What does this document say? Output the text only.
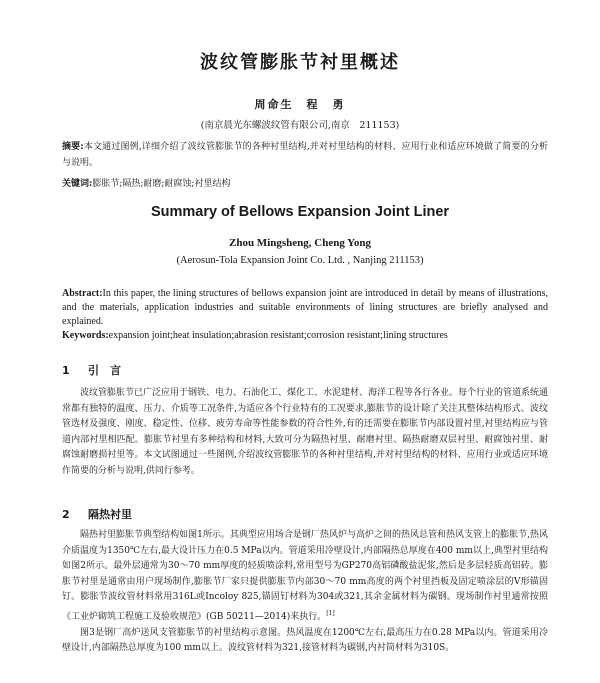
波纹管膨胀节衬里概述
周命生　程　勇
(南京晨光东螺波纹管有限公司,南京　211153)
摘要:本文通过图例,详细介绍了波纹管膨胀节的各种衬里结构,并对衬里结构的材料、应用行业和适应环境做了简要的分析与说明。
关键词:膨胀节;隔热;耐磨;耐腐蚀;衬里结构
Summary of Bellows Expansion Joint Liner
Zhou Mingsheng, Cheng Yong
(Aerosun-Tola Expansion Joint Co. Ltd. , Nanjing 211153)
Abstract:In this paper, the lining structures of bellows expansion joint are introduced in detail by means of illustrations, and the materials, application industries and suitable environments of lining structures are briefly analysed and explained.
Keywords:expansion joint;heat insulation;abrasion resistant;corrosion resistant;lining structures
1 引　言

波纹管膨胀节已广泛应用于钢铁、电力、石油化工、煤化工、水泥建材、海洋工程等各行各业。每个行业的管道系统通常都有独特的温度、压力、介质等工况条件,为适应各个行业特有的工况要求,膨胀节的设计除了关注其整体结构形式、波纹管选材及强度、刚度、稳定性、位移、疲劳寿命等性能参数的符合性外,有的还需要在膨胀节内部设置衬里,衬里结构应与管道内部衬里相匹配。膨胀节衬里有多种结构和材料,大致可分为隔热衬里、耐磨衬里、隔热耐磨双层衬里、耐腐蚀衬里、耐腐蚀耐磨损衬里等。本文试图通过一些图例,介绍波纹管膨胀节的各种衬里结构,并对衬里结构的材料、应用行业或适应环境作简要的分析与说明,供同行参考。

2 隔热衬里

隔热衬里膨胀节典型结构如图1所示。其典型应用场合是钢厂热风炉与高炉之间的热风总管和热风支管上的膨胀节,热风介质温度为1350℃左右,最大设计压力在0.5 MPa以内。管道采用冷壁设计,内部隔热总厚度在400 mm以上,典型衬里结构如图2所示。最外层通常为30～70 mm厚度的轻质喷涂料,常用型号为GP270高铝磷酸盐泥浆,然后是多层轻质高铝砖。膨胀节衬里是通常由用户现场制作,膨胀节厂家只提供膨胀节内部30～70 mm高度的两个衬里挡板及固定喷涂层的V形锚固钉。膨胀节波纹管材料常用316L或Incoloy 825,锚固钉材料为304或321,其余金属材料为碳钢。现场制作衬里通常按照《工业炉砌筑工程施工及验收规范》(GB 50211—2014)来执行。[1]

图3是钢厂高炉送风支管膨胀节的衬里结构示意图。热风温度在1200℃左右,最高压力在0.28 MPa以内。管道采用冷壁设计,内部隔热总厚度为100 mm以上。波纹管材料为321,接管材料为碳钢,内衬筒材料为310S。
